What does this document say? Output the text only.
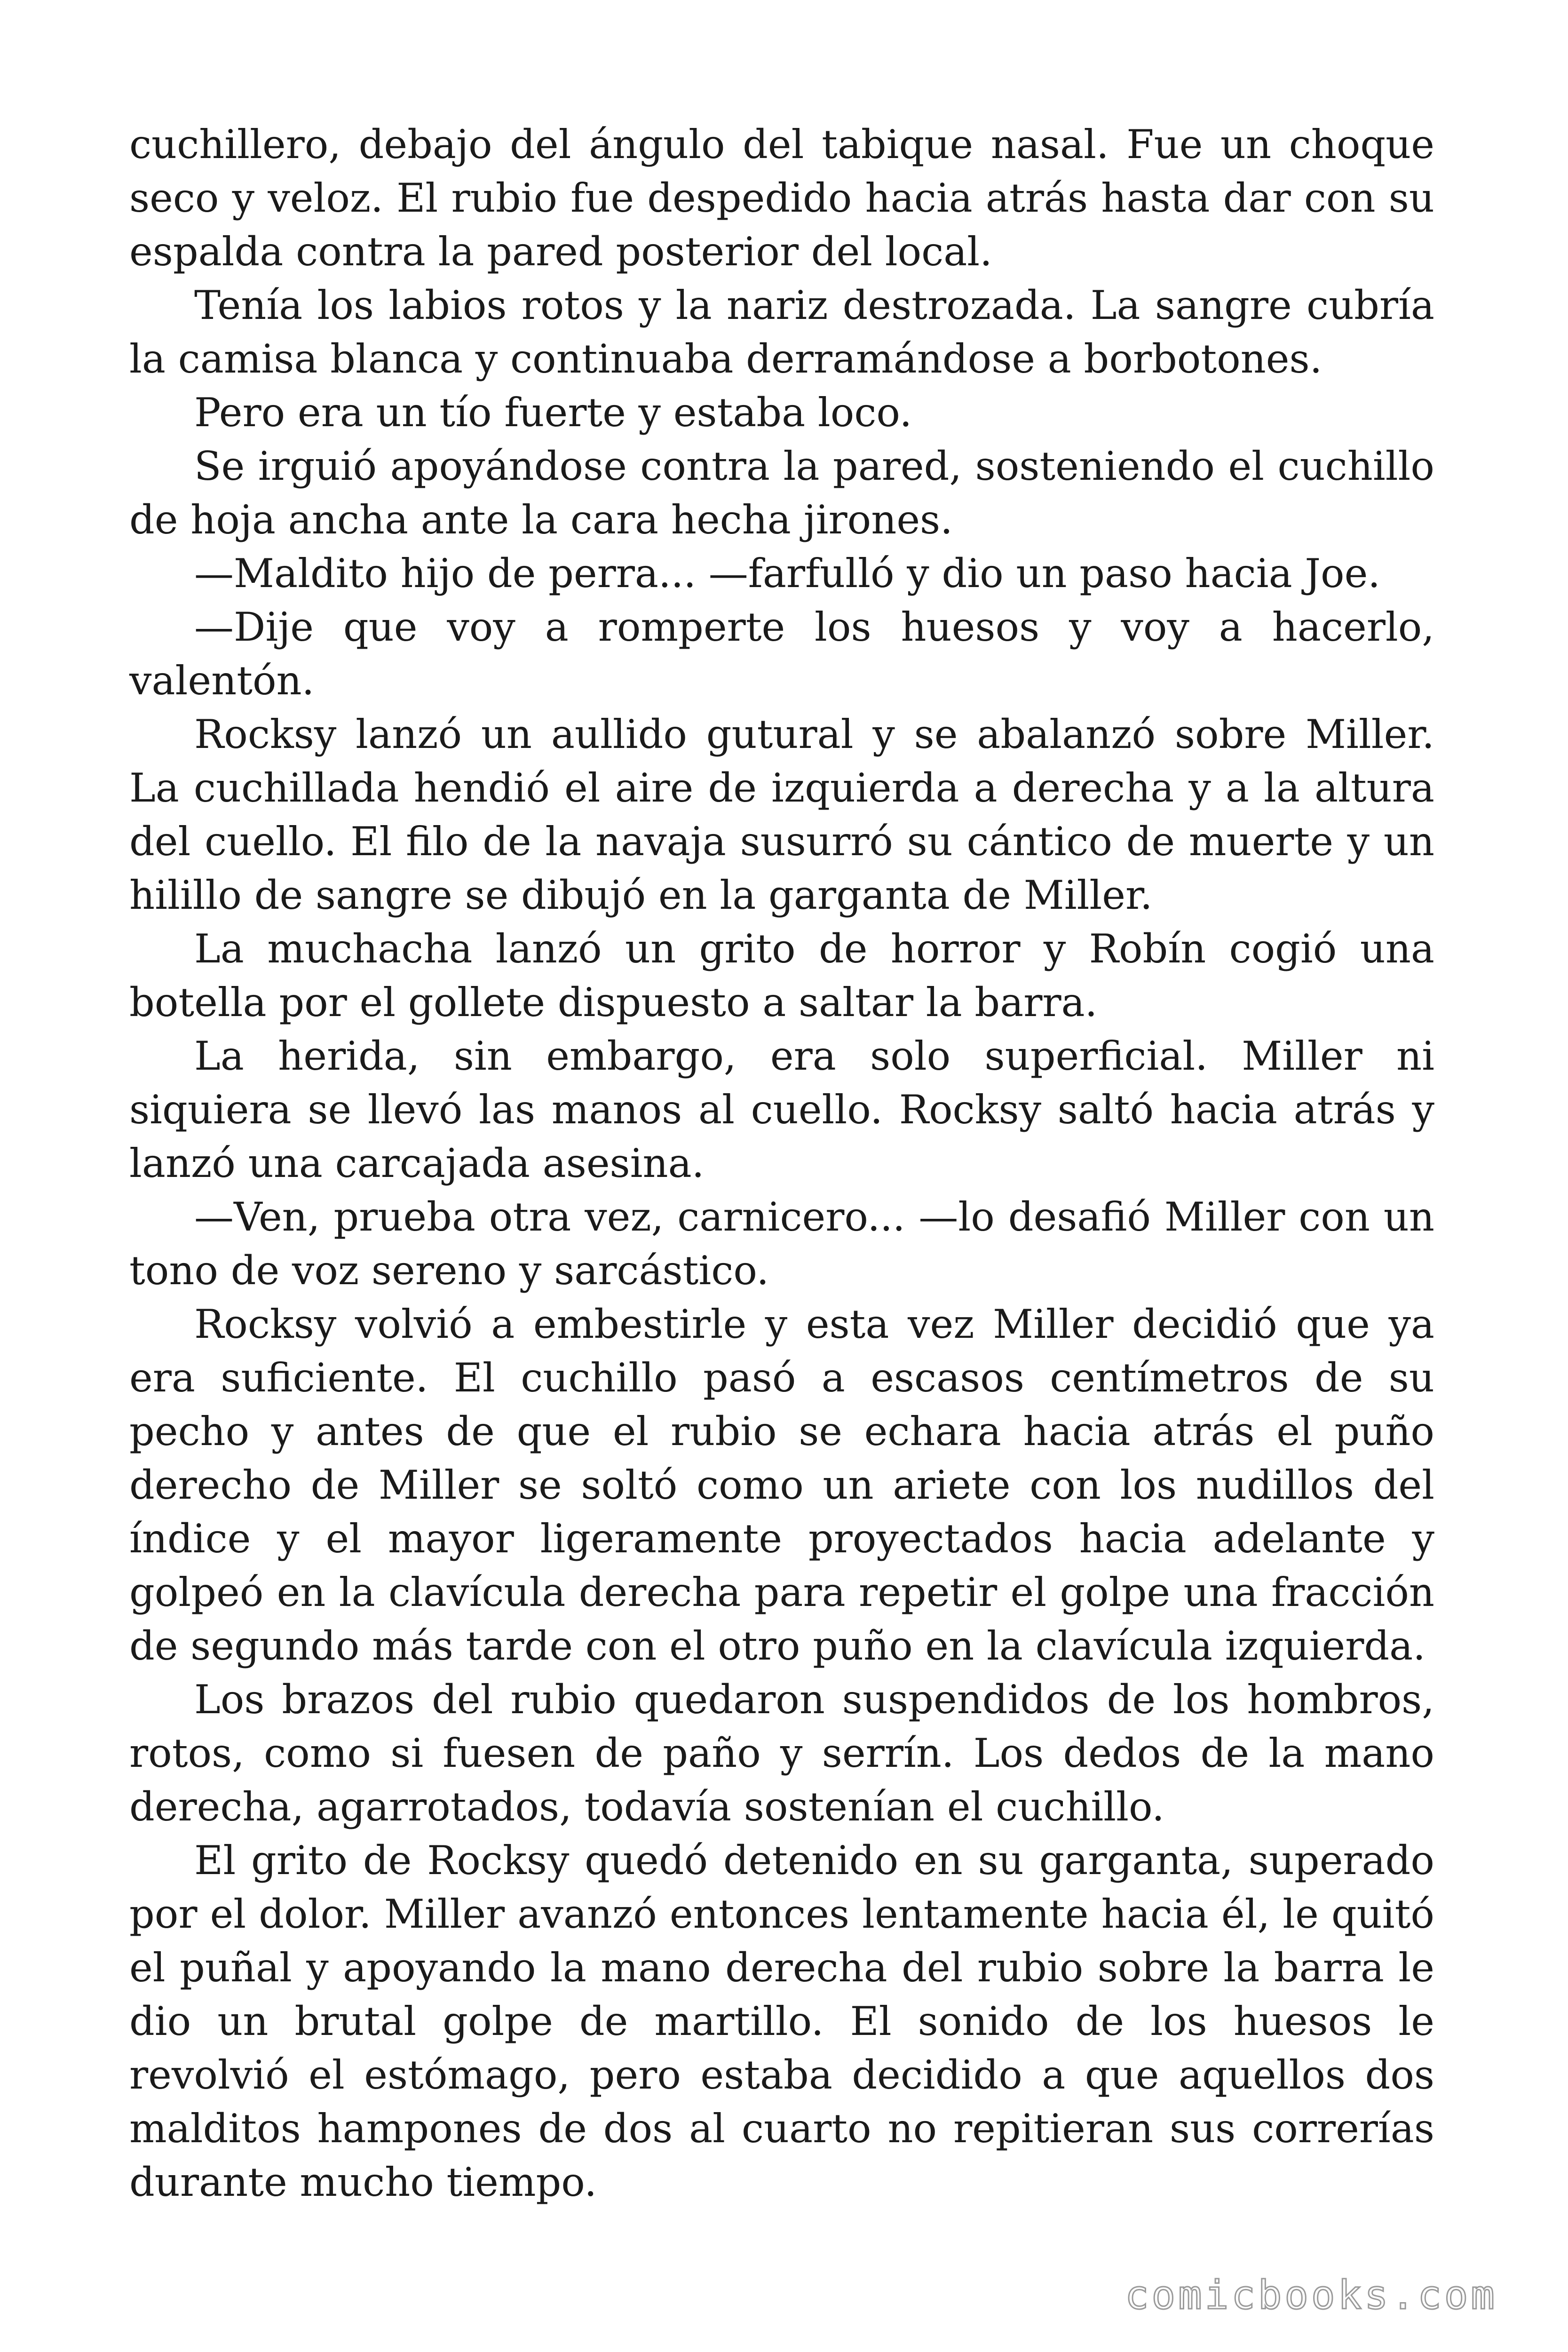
cuchillero, debajo del ángulo del tabique nasal. Fue un choque seco y veloz. El rubio fue despedido hacia atrás hasta dar con su espalda contra la pared posterior del local.

Tenía los labios rotos y la nariz destrozada. La sangre cubría la camisa blanca y continuaba derramándose a borbotones.

Pero era un tío fuerte y estaba loco.

Se irguió apoyándose contra la pared, sosteniendo el cuchillo de hoja ancha ante la cara hecha jirones.

—Maldito hijo de perra... —farfulló y dio un paso hacia Joe.

—Dije que voy a romperte los huesos y voy a hacerlo, valentón.

Rocksy lanzó un aullido gutural y se abalanzó sobre Miller. La cuchillada hendió el aire de izquierda a derecha y a la altura del cuello. El filo de la navaja susurró su cántico de muerte y un hilillo de sangre se dibujó en la garganta de Miller.

La muchacha lanzó un grito de horror y Robín cogió una botella por el gollete dispuesto a saltar la barra.

La herida, sin embargo, era solo superficial. Miller ni siquiera se llevó las manos al cuello. Rocksy saltó hacia atrás y lanzó una carcajada asesina.

—Ven, prueba otra vez, carnicero... —lo desafió Miller con un tono de voz sereno y sarcástico.

Rocksy volvió a embestirle y esta vez Miller decidió que ya era suficiente. El cuchillo pasó a escasos centímetros de su pecho y antes de que el rubio se echara hacia atrás el puño derecho de Miller se soltó como un ariete con los nudillos del índice y el mayor ligeramente proyectados hacia adelante y golpeó en la clavícula derecha para repetir el golpe una fracción de segundo más tarde con el otro puño en la clavícula izquierda.

Los brazos del rubio quedaron suspendidos de los hombros, rotos, como si fuesen de paño y serrín. Los dedos de la mano derecha, agarrotados, todavía sostenían el cuchillo.

El grito de Rocksy quedó detenido en su garganta, superado por el dolor. Miller avanzó entonces lentamente hacia él, le quitó el puñal y apoyando la mano derecha del rubio sobre la barra le dio un brutal golpe de martillo. El sonido de los huesos le revolvió el estómago, pero estaba decidido a que aquellos dos malditos hampones de dos al cuarto no repitieran sus correrías durante mucho tiempo.

comicbooks.com
